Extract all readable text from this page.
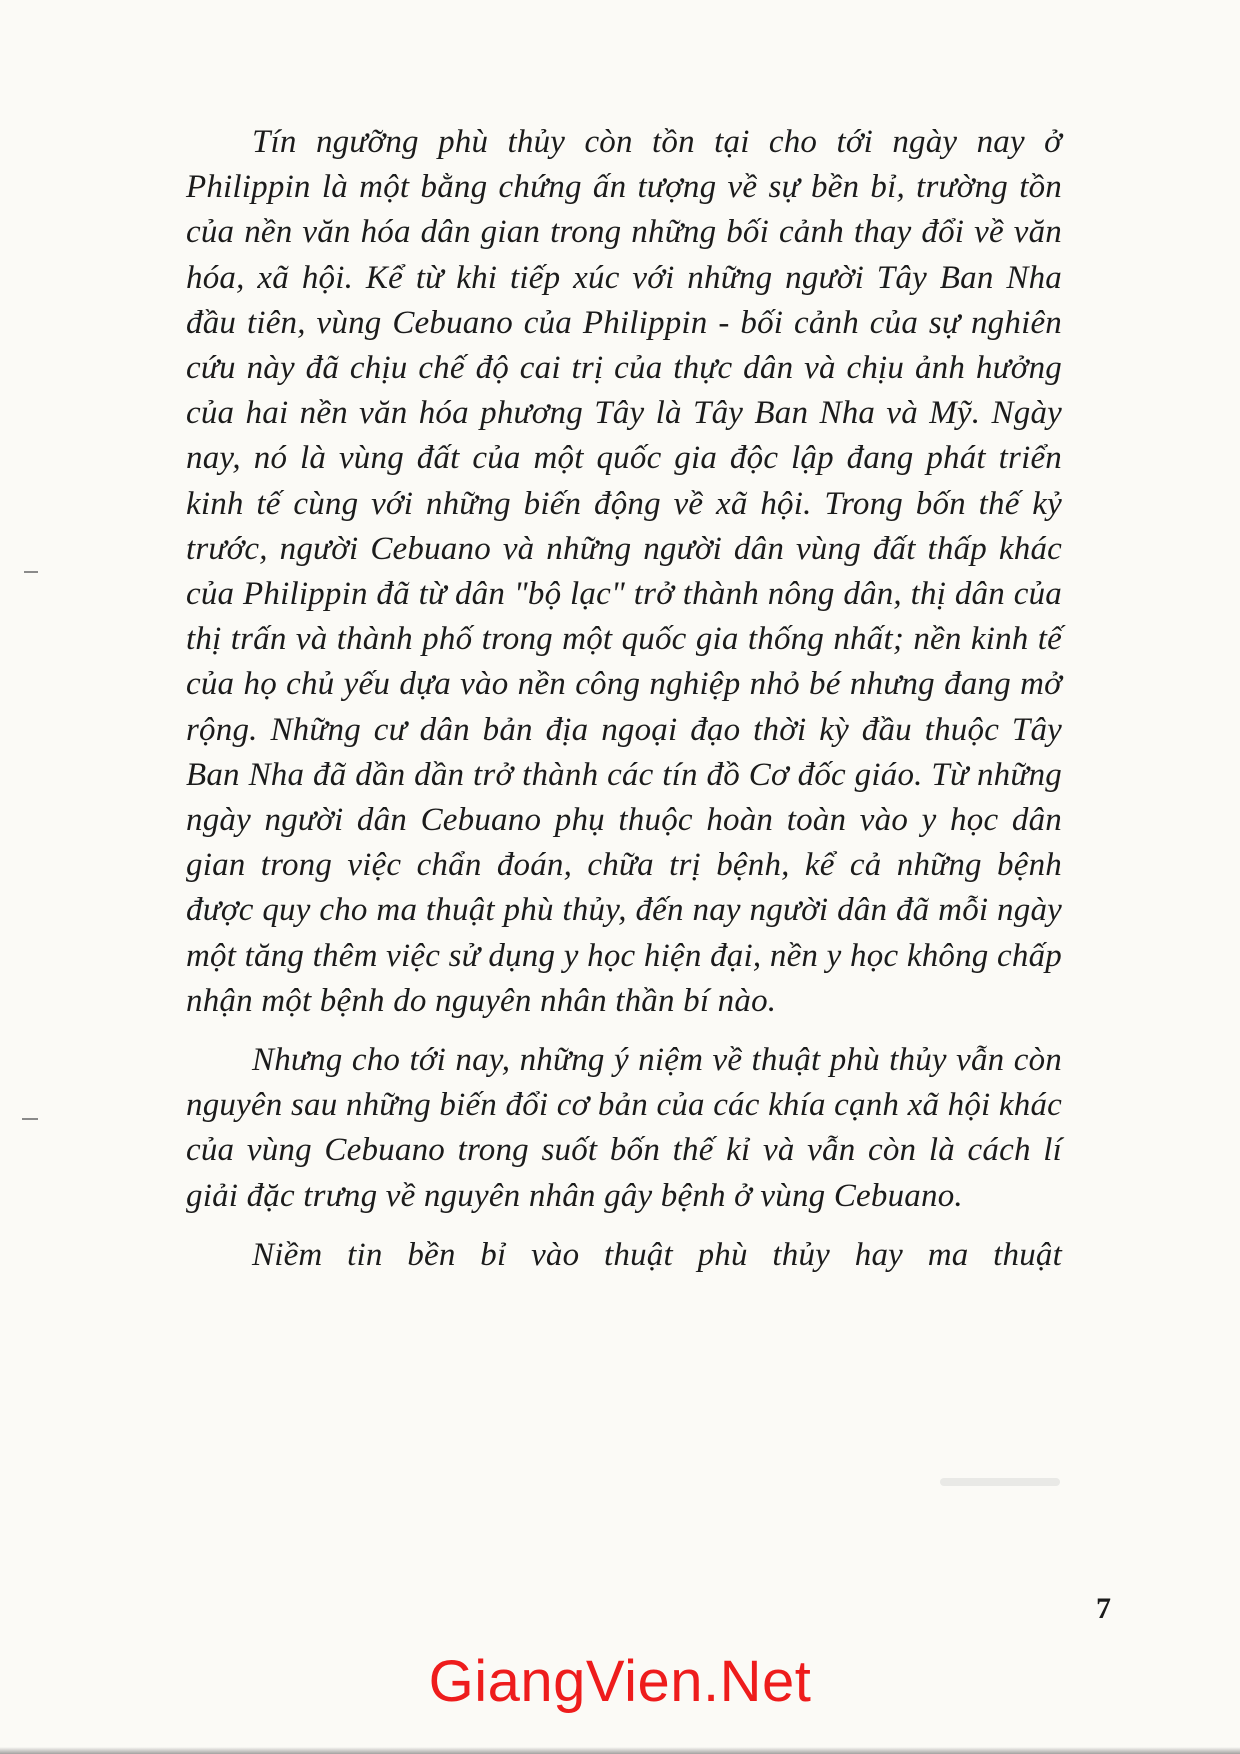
Tín ngưỡng phù thủy còn tồn tại cho tới ngày nay ở Philippin là một bằng chứng ấn tượng về sự bền bỉ, trường tồn của nền văn hóa dân gian trong những bối cảnh thay đổi về văn hóa, xã hội. Kể từ khi tiếp xúc với những người Tây Ban Nha đầu tiên, vùng Cebuano của Philippin - bối cảnh của sự nghiên cứu này đã chịu chế độ cai trị của thực dân và chịu ảnh hưởng của hai nền văn hóa phương Tây là Tây Ban Nha và Mỹ. Ngày nay, nó là vùng đất của một quốc gia độc lập đang phát triển kinh tế cùng với những biến động về xã hội. Trong bốn thế kỷ trước, người Cebuano và những người dân vùng đất thấp khác của Philippin đã từ dân "bộ lạc" trở thành nông dân, thị dân của thị trấn và thành phố trong một quốc gia thống nhất; nền kinh tế của họ chủ yếu dựa vào nền công nghiệp nhỏ bé nhưng đang mở rộng. Những cư dân bản địa ngoại đạo thời kỳ đầu thuộc Tây Ban Nha đã dần dần trở thành các tín đồ Cơ đốc giáo. Từ những ngày người dân Cebuano phụ thuộc hoàn toàn vào y học dân gian trong việc chẩn đoán, chữa trị bệnh, kể cả những bệnh được quy cho ma thuật phù thủy, đến nay người dân đã mỗi ngày một tăng thêm việc sử dụng y học hiện đại, nền y học không chấp nhận một bệnh do nguyên nhân thần bí nào.

Nhưng cho tới nay, những ý niệm về thuật phù thủy vẫn còn nguyên sau những biến đổi cơ bản của các khía cạnh xã hội khác của vùng Cebuano trong suốt bốn thế kỉ và vẫn còn là cách lí giải đặc trưng về nguyên nhân gây bệnh ở vùng Cebuano.

Niềm tin bền bỉ vào thuật phù thủy hay ma thuật

7
GiangVien.Net
